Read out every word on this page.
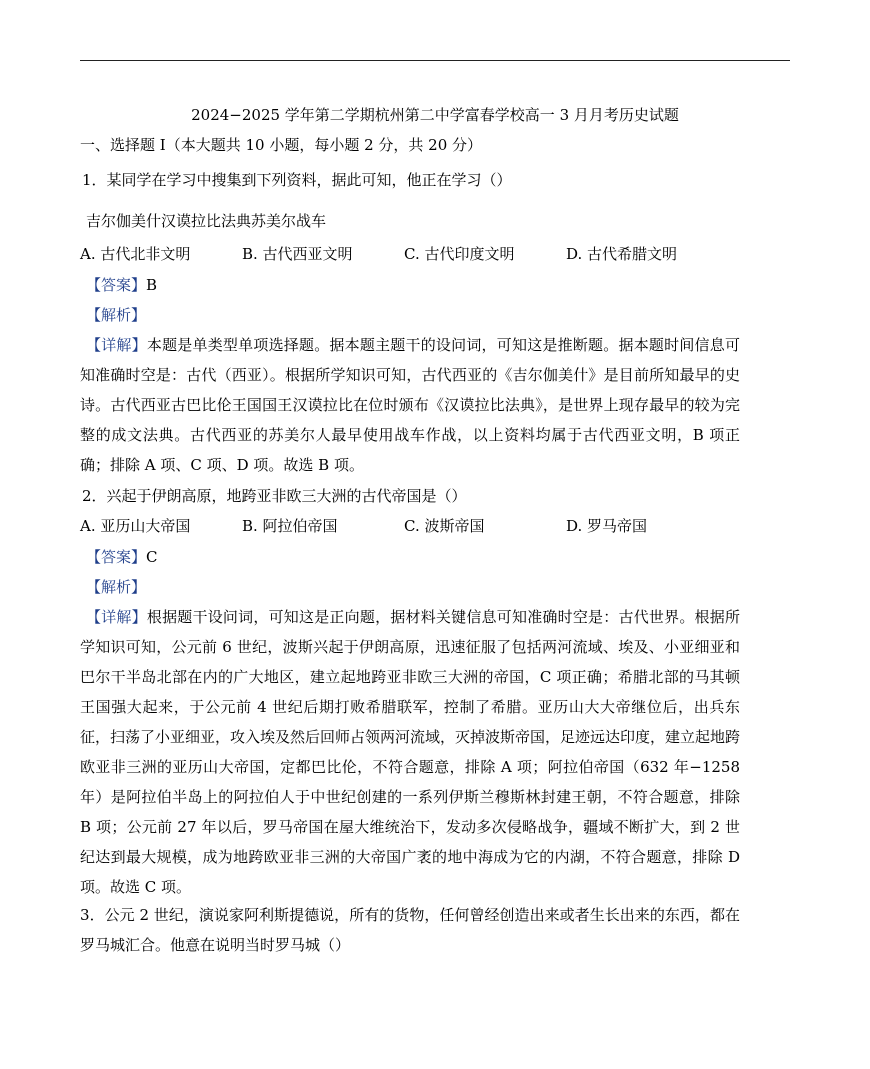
2024−2025 学年第二学期杭州第二中学富春学校高一 3 月月考历史试题
一、选择题 I（本大题共 10 小题，每小题 2 分，共 20 分）
1．某同学在学习中搜集到下列资料，据此可知，他正在学习（）
吉尔伽美什汉谟拉比法典苏美尔战车
A. 古代北非文明	B. 古代西亚文明	C. 古代印度文明	D. 古代希腊文明
【答案】B
【解析】
【详解】本题是单类型单项选择题。据本题主题干的设问词，可知这是推断题。据本题时间信息可知准确时空是：古代（西亚）。根据所学知识可知，古代西亚的《吉尔伽美什》是目前所知最早的史诗。古代西亚古巴比伦王国国王汉谟拉比在位时颁布《汉谟拉比法典》，是世界上现存最早的较为完整的成文法典。古代西亚的苏美尔人最早使用战车作战，以上资料均属于古代西亚文明，B 项正确；排除 A 项、C 项、D 项。故选 B 项。
2．兴起于伊朗高原，地跨亚非欧三大洲的古代帝国是（）
A. 亚历山大帝国	B. 阿拉伯帝国	C. 波斯帝国	D. 罗马帝国
【答案】C
【解析】
【详解】根据题干设问词，可知这是正向题，据材料关键信息可知准确时空是：古代世界。根据所学知识可知，公元前 6 世纪，波斯兴起于伊朗高原，迅速征服了包括两河流域、埃及、小亚细亚和巴尔干半岛北部在内的广大地区，建立起地跨亚非欧三大洲的帝国，C 项正确；希腊北部的马其顿王国强大起来，于公元前 4 世纪后期打败希腊联军，控制了希腊。亚历山大大帝继位后，出兵东征，扫荡了小亚细亚，攻入埃及然后回师占领两河流域，灭掉波斯帝国，足迹远达印度，建立起地跨欧亚非三洲的亚历山大帝国，定都巴比伦，不符合题意，排除 A 项；阿拉伯帝国（632 年−1258 年）是阿拉伯半岛上的阿拉伯人于中世纪创建的一系列伊斯兰穆斯林封建王朝，不符合题意，排除 B 项；公元前 27 年以后，罗马帝国在屋大维统治下，发动多次侵略战争，疆域不断扩大，到 2 世纪达到最大规模，成为地跨欧亚非三洲的大帝国广袤的地中海成为它的内湖，不符合题意，排除 D 项。故选 C 项。
3．公元 2 世纪，演说家阿利斯提德说，所有的货物，任何曾经创造出来或者生长出来的东西，都在罗马城汇合。他意在说明当时罗马城（）
